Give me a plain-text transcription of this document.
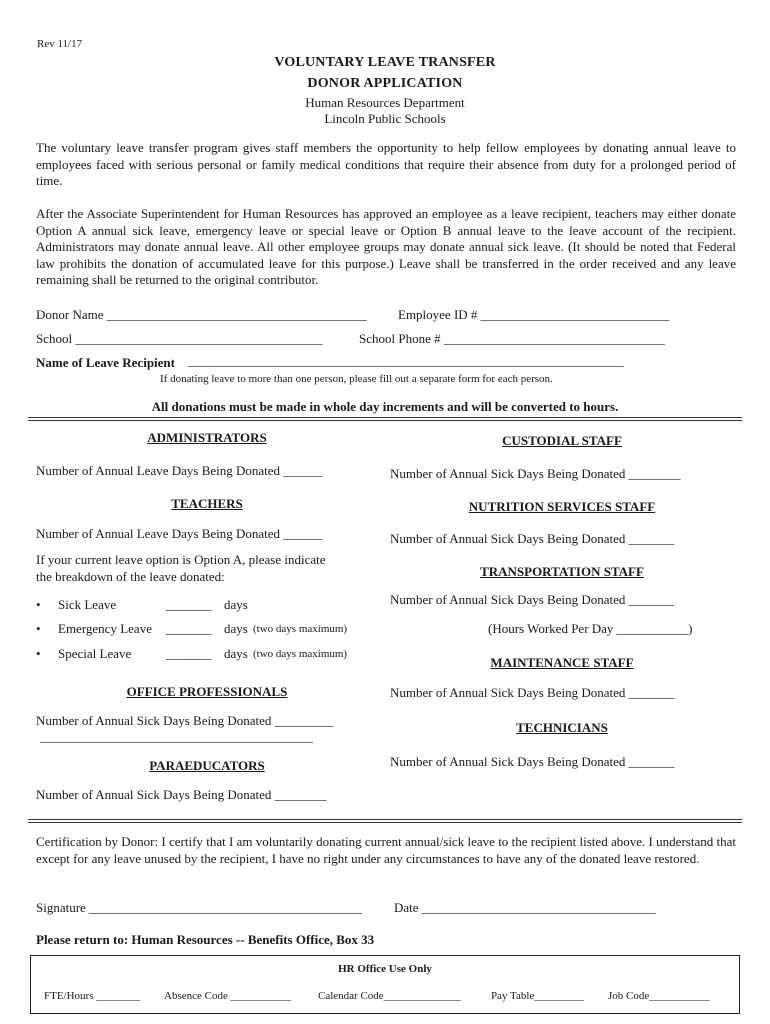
Rev 11/17
VOLUNTARY LEAVE TRANSFER
DONOR APPLICATION
Human Resources Department
Lincoln Public Schools
The voluntary leave transfer program gives staff members the opportunity to help fellow employees by donating annual leave to employees faced with serious personal or family medical conditions that require their absence from duty for a prolonged period of time.
After the Associate Superintendent for Human Resources has approved an employee as a leave recipient, teachers may either donate Option A annual sick leave, emergency leave or special leave or Option B annual leave to the leave account of the recipient. Administrators may donate annual leave. All other employee groups may donate annual sick leave. (It should be noted that Federal law prohibits the donation of accumulated leave for this purpose.) Leave shall be transferred in the order received and any leave remaining shall be returned to the original contributor.
Donor Name ________________________________________ Employee ID # _____________________________
School ______________________________________	School Phone # __________________________________
Name of Leave Recipient ___________________________________________________________________
If donating leave to more than one person, please fill out a separate form for each person.
All donations must be made in whole day increments and will be converted to hours.
ADMINISTRATORS
Number of Annual Leave Days Being Donated ______
TEACHERS
Number of Annual Leave Days Being Donated ______
If your current leave option is Option A, please indicate
the breakdown of the leave donated:
• Sick Leave	_______ days
• Emergency Leave _______ days (two days maximum)
• Special Leave	_______ days (two days maximum)
OFFICE PROFESSIONALS
Number of Annual Sick Days Being Donated _________
__________________________________________
PARAEDUCATORS
Number of Annual Sick Days Being Donated ________
CUSTODIAL STAFF
Number of Annual Sick Days Being Donated ________
NUTRITION SERVICES STAFF
Number of Annual Sick Days Being Donated _______
TRANSPORTATION STAFF
Number of Annual Sick Days Being Donated _______
(Hours Worked Per Day ___________)
MAINTENANCE STAFF
Number of Annual Sick Days Being Donated _______
TECHNICIANS
Number of Annual Sick Days Being Donated _______
Certification by Donor: I certify that I am voluntarily donating current annual/sick leave to the recipient listed above. I understand that except for any leave unused by the recipient, I have no right under any circumstances to have any of the donated leave restored.
Signature __________________________________________ Date ____________________________________
Please return to: Human Resources -- Benefits Office, Box 33
HR Office Use Only
FTE/Hours ________ Absence Code ___________ Calendar Code______________	Pay Table_________ Job Code___________
